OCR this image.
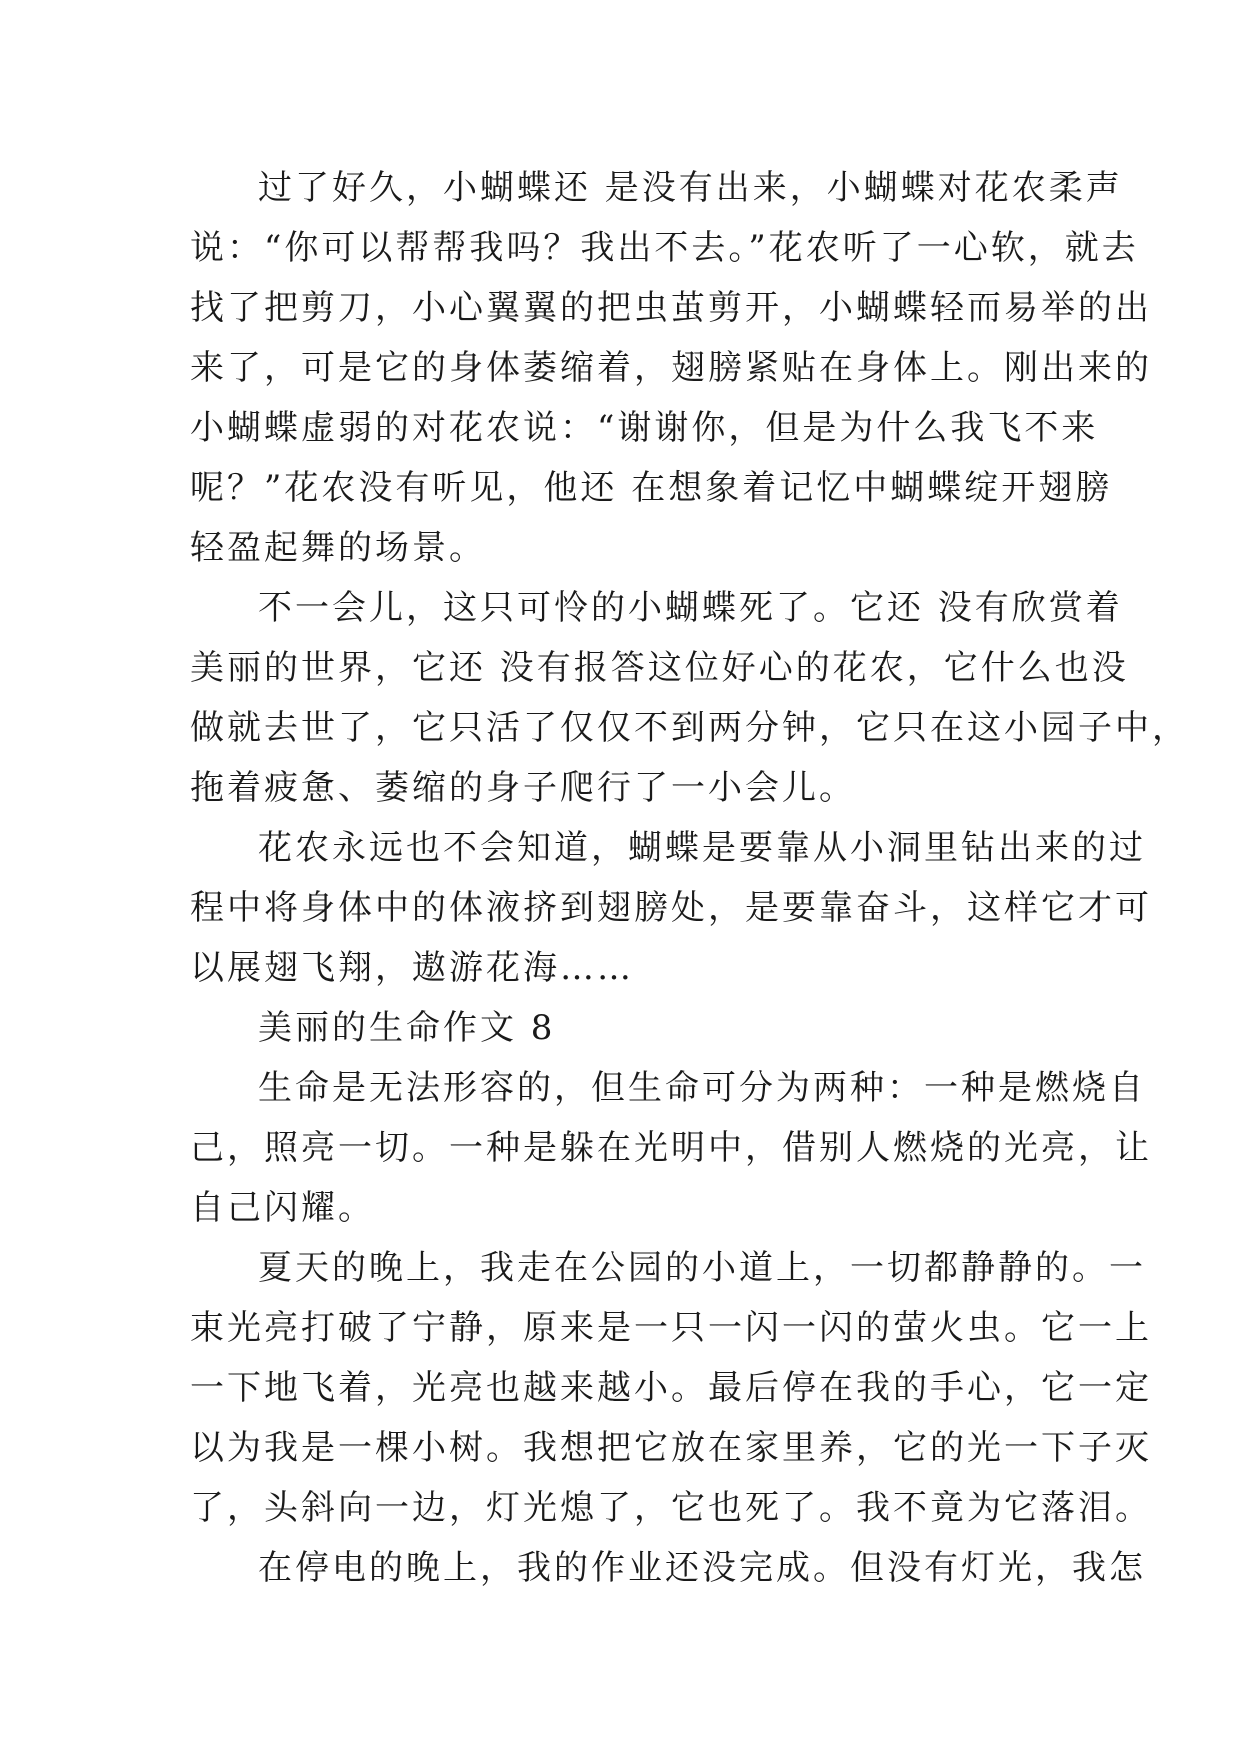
过了好久，小蝴蝶还 是没有出来，小蝴蝶对花农柔声
说：“你可以帮帮我吗？我出不去。”花农听了一心软，就去
找了把剪刀，小心翼翼的把虫茧剪开，小蝴蝶轻而易举的出
来了，可是它的身体萎缩着，翅膀紧贴在身体上。刚出来的
小蝴蝶虚弱的对花农说：“谢谢你，但是为什么我飞不来
呢？”花农没有听见，他还 在想象着记忆中蝴蝶绽开翅膀
轻盈起舞的场景。
不一会儿，这只可怜的小蝴蝶死了。它还 没有欣赏着
美丽的世界，它还 没有报答这位好心的花农，它什么也没
做就去世了，它只活了仅仅不到两分钟，它只在这小园子中，
拖着疲惫、萎缩的身子爬行了一小会儿。
花农永远也不会知道，蝴蝶是要靠从小洞里钻出来的过
程中将身体中的体液挤到翅膀处，是要靠奋斗，这样它才可
以展翅飞翔，遨游花海……
美丽的生命作文 8
生命是无法形容的，但生命可分为两种：一种是燃烧自
己，照亮一切。一种是躲在光明中，借别人燃烧的光亮，让
自己闪耀。
夏天的晚上，我走在公园的小道上，一切都静静的。一
束光亮打破了宁静，原来是一只一闪一闪的萤火虫。它一上
一下地飞着，光亮也越来越小。最后停在我的手心，它一定
以为我是一棵小树。我想把它放在家里养，它的光一下子灭
了，头斜向一边，灯光熄了，它也死了。我不竟为它落泪。
在停电的晚上，我的作业还没完成。但没有灯光，我怎
